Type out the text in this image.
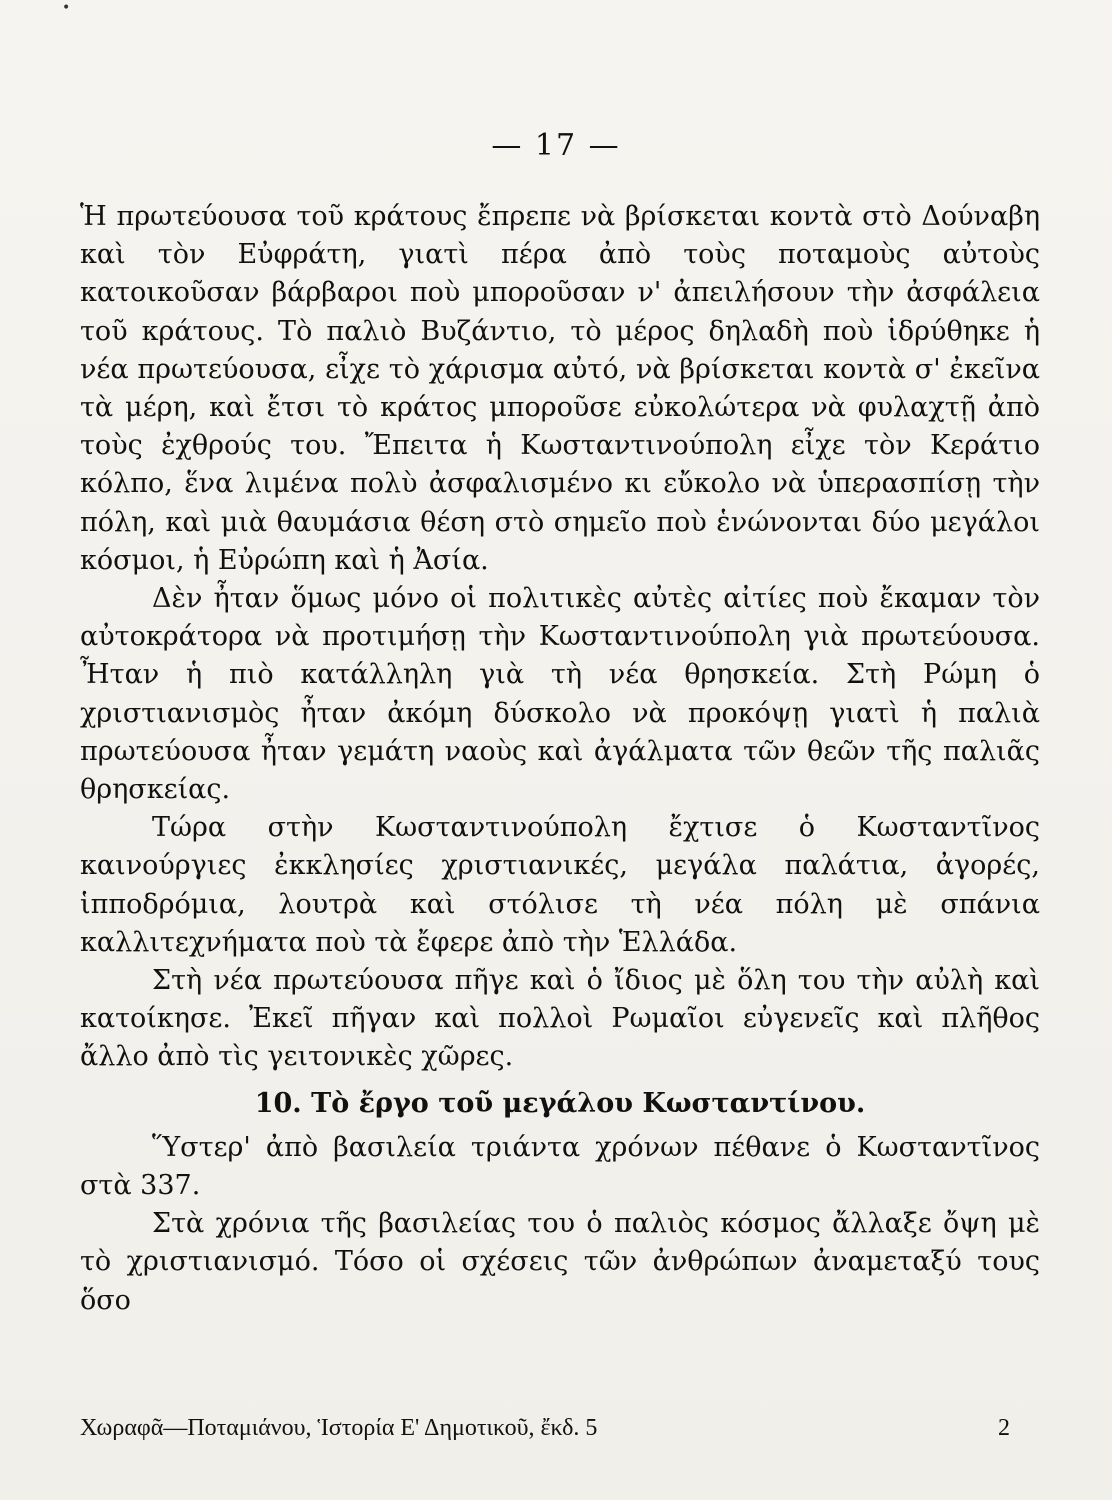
•
— 17 —

Ἡ πρωτεύουσα τοῦ κράτους ἔπρεπε νὰ βρίσκεται κοντὰ στὸ Δούναβη καὶ τὸν Εὐφράτη, γιατὶ πέρα ἀπὸ τοὺς ποταμοὺς αὐτοὺς κατοικοῦσαν βάρβαροι ποὺ μποροῦσαν ν' ἀπειλήσουν τὴν ἀσφάλεια τοῦ κράτους. Τὸ παλιὸ Βυζάντιο, τὸ μέρος δηλαδὴ ποὺ ἱδρύθηκε ἡ νέα πρωτεύουσα, εἶχε τὸ χάρισμα αὐτό, νὰ βρίσκεται κοντὰ σ' ἐκεῖνα τὰ μέρη, καὶ ἔτσι τὸ κράτος μποροῦσε εὐκολώτερα νὰ φυλαχτῇ ἀπὸ τοὺς ἐχθρούς του. Ἔπειτα ἡ Κωσταντινούπολη εἶχε τὸν Κεράτιο κόλπο, ἕνα λιμένα πολὺ ἀσφαλισμένο κι εὔκολο νὰ ὑπερασπίσῃ τὴν πόλη, καὶ μιὰ θαυμάσια θέση στὸ σημεῖο ποὺ ἑνώνονται δύο μεγάλοι κόσμοι, ἡ Εὐρώπη καὶ ἡ Ἀσία.

Δὲν ἦταν ὅμως μόνο οἱ πολιτικὲς αὐτὲς αἰτίες ποὺ ἔκαμαν τὸν αὐτοκράτορα νὰ προτιμήσῃ τὴν Κωσταντινούπολη γιὰ πρωτεύουσα. Ἦταν ἡ πιὸ κατάλληλη γιὰ τὴ νέα θρησκεία. Στὴ Ρώμη ὁ χριστιανισμὸς ἦταν ἀκόμη δύσκολο νὰ προκόψῃ γιατὶ ἡ παλιὰ πρωτεύουσα ἦταν γεμάτη ναοὺς καὶ ἀγάλματα τῶν θεῶν τῆς παλιᾶς θρησκείας.

Τώρα στὴν Κωσταντινούπολη ἔχτισε ὁ Κωσταντῖνος καινούργιες ἐκκλησίες χριστιανικές, μεγάλα παλάτια, ἀγορές, ἱπποδρόμια, λουτρὰ καὶ στόλισε τὴ νέα πόλη μὲ σπάνια καλλιτεχνήματα ποὺ τὰ ἔφερε ἀπὸ τὴν Ἑλλάδα.

Στὴ νέα πρωτεύουσα πῆγε καὶ ὁ ἴδιος μὲ ὅλη του τὴν αὐλὴ καὶ κατοίκησε. Ἐκεῖ πῆγαν καὶ πολλοὶ Ρωμαῖοι εὐγενεῖς καὶ πλῆθος ἄλλο ἀπὸ τὶς γειτονικὲς χῶρες.

10. Τὸ ἔργο τοῦ μεγάλου Κωσταντίνου.

Ὕστερ' ἀπὸ βασιλεία τριάντα χρόνων πέθανε ὁ Κωσταντῖνος στὰ 337.

Στὰ χρόνια τῆς βασιλείας του ὁ παλιὸς κόσμος ἄλλαξε ὄψη μὲ τὸ χριστιανισμό. Τόσο οἱ σχέσεις τῶν ἀνθρώπων ἀναμεταξύ τους ὅσο

Χωραφᾶ—Ποταμιάνου, Ἱστορία Ε' Δημοτικοῦ, ἔκδ. 5	2
